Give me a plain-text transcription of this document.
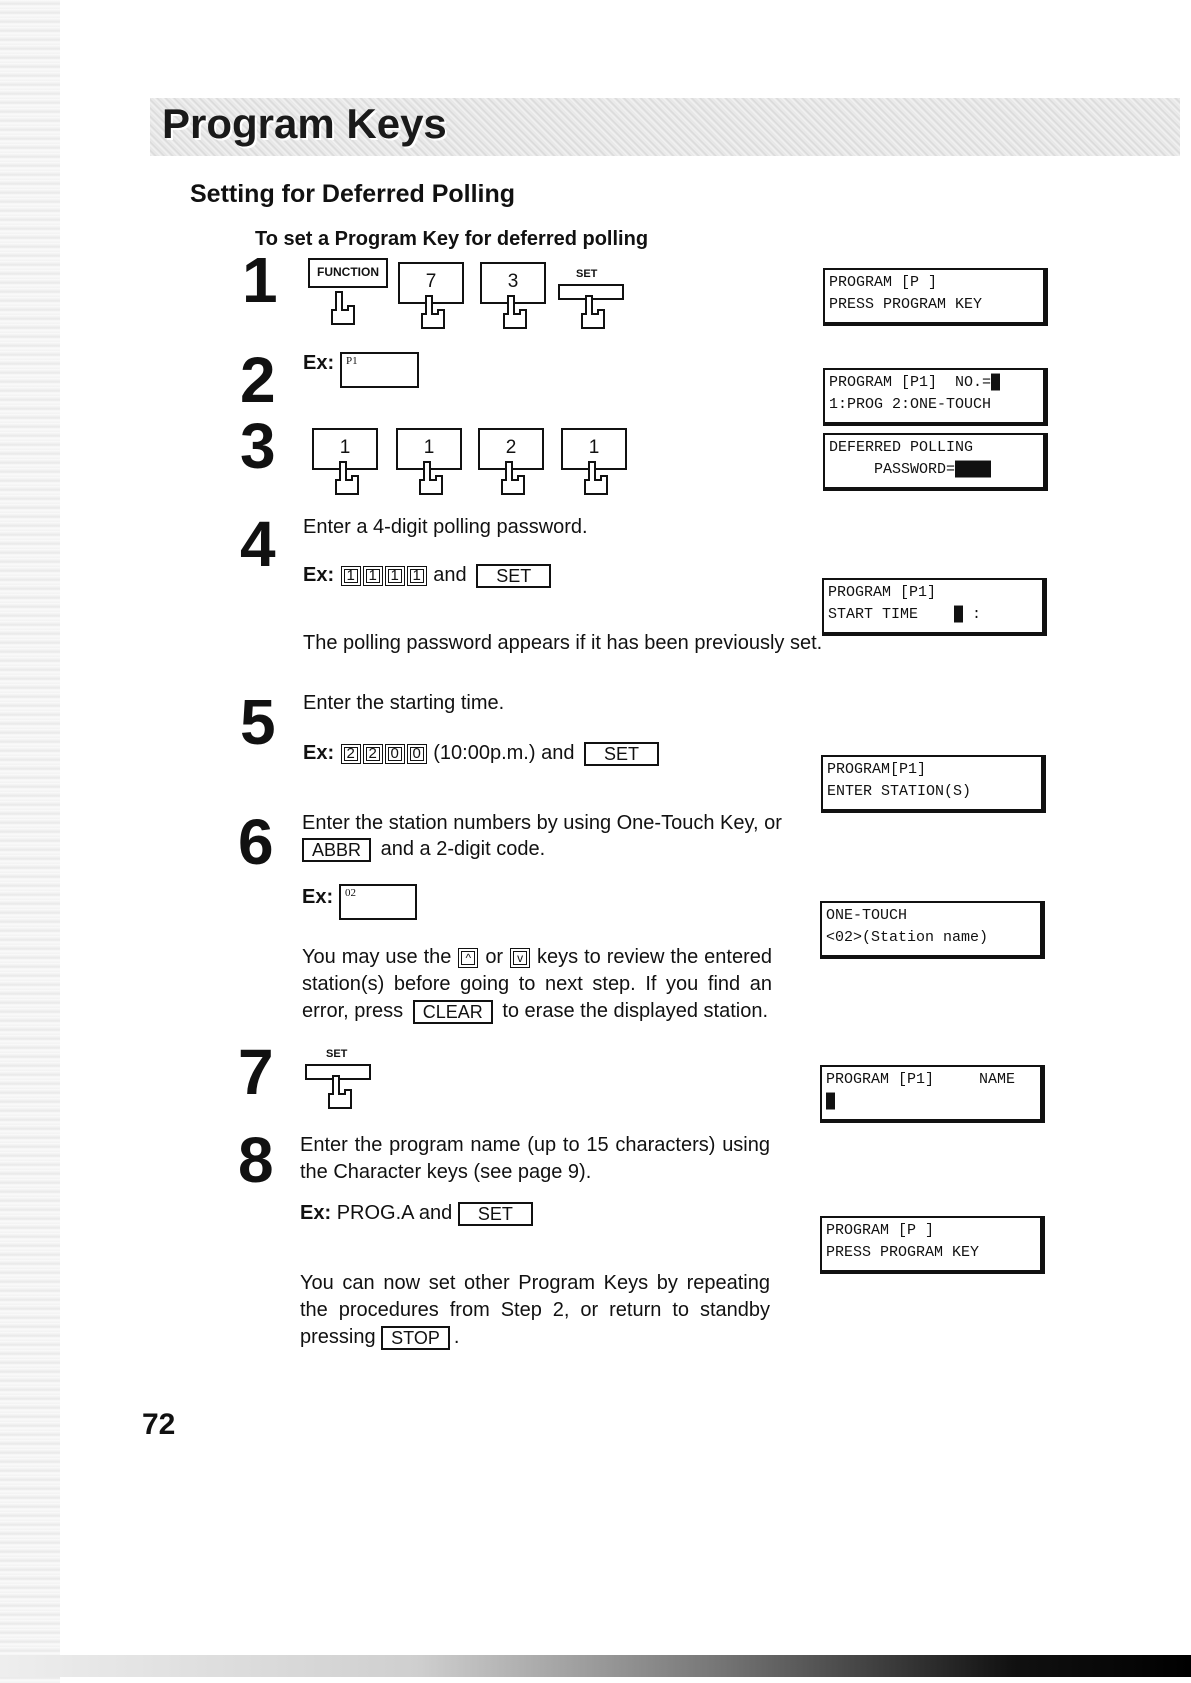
Program Keys
Setting for Deferred Polling
To set a Program Key for deferred polling
1	FUNCTION	7	3	SET
2 Ex: P1
3	1	1	2	1
4 Enter a 4-digit polling password.
Ex: 1 1 1 1 and SET
The polling password appears if it has been previously set.
5 Enter the starting time.
Ex: 2 2 0 0 (10:00p.m.) and SET
6 Enter the station numbers by using One-Touch Key, or
ABBR and a 2-digit code.
Ex: 02
You may use the ^ or v keys to review the entered station(s) before going to next step. If you find an error, press CLEAR to erase the displayed station.
7	SET
8 Enter the program name (up to 15 characters) using the Character keys (see page 9).
Ex: PROG.A and SET
You can now set other Program Keys by repeating the procedures from Step 2, or return to standby pressing STOP .
PROGRAM [P ]
PRESS PROGRAM KEY
PROGRAM [P1]  NO.=█
1:PROG 2:ONE-TOUCH
DEFERRED POLLING
PASSWORD=████
PROGRAM [P1]
START TIME    █ :
PROGRAM[P1]
ENTER STATION(S)
ONE-TOUCH
<02>(Station name)
PROGRAM [P1]     NAME
█
PROGRAM [P ]
PRESS PROGRAM KEY
72
